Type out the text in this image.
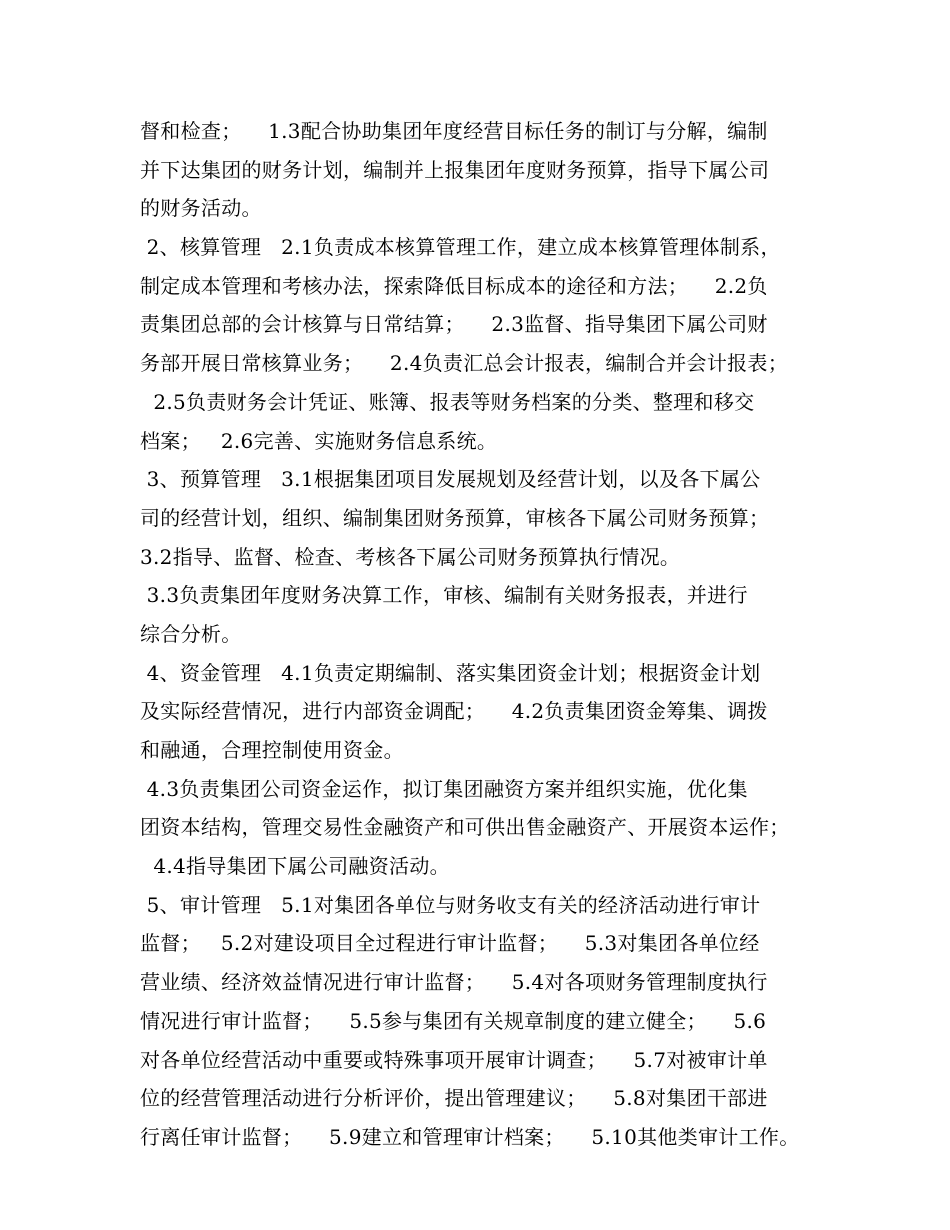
督和检查；    1.3配合协助集团年度经营目标任务的制订与分解，编制
并下达集团的财务计划，编制并上报集团年度财务预算，指导下属公司
的财务活动。
2、核算管理   2.1负责成本核算管理工作，建立成本核算管理体制系，
制定成本管理和考核办法，探索降低目标成本的途径和方法；    2.2负
责集团总部的会计核算与日常结算；    2.3监督、指导集团下属公司财
务部开展日常核算业务；    2.4负责汇总会计报表，编制合并会计报表；
2.5负责财务会计凭证、账簿、报表等财务档案的分类、整理和移交
档案；   2.6完善、实施财务信息系统。
3、预算管理   3.1根据集团项目发展规划及经营计划，以及各下属公
司的经营计划，组织、编制集团财务预算，审核各下属公司财务预算；
3.2指导、监督、检查、考核各下属公司财务预算执行情况。
3.3负责集团年度财务决算工作，审核、编制有关财务报表，并进行
综合分析。
4、资金管理   4.1负责定期编制、落实集团资金计划；根据资金计划
及实际经营情况，进行内部资金调配；    4.2负责集团资金筹集、调拨
和融通，合理控制使用资金。
4.3负责集团公司资金运作，拟订集团融资方案并组织实施，优化集
团资本结构，管理交易性金融资产和可供出售金融资产、开展资本运作；
4.4指导集团下属公司融资活动。
5、审计管理   5.1对集团各单位与财务收支有关的经济活动进行审计
监督；   5.2对建设项目全过程进行审计监督；    5.3对集团各单位经
营业绩、经济效益情况进行审计监督；    5.4对各项财务管理制度执行
情况进行审计监督；    5.5参与集团有关规章制度的建立健全；    5.6
对各单位经营活动中重要或特殊事项开展审计调查；    5.7对被审计单
位的经营管理活动进行分析评价，提出管理建议；    5.8对集团干部进
行离任审计监督；    5.9建立和管理审计档案；    5.10其他类审计工作。
